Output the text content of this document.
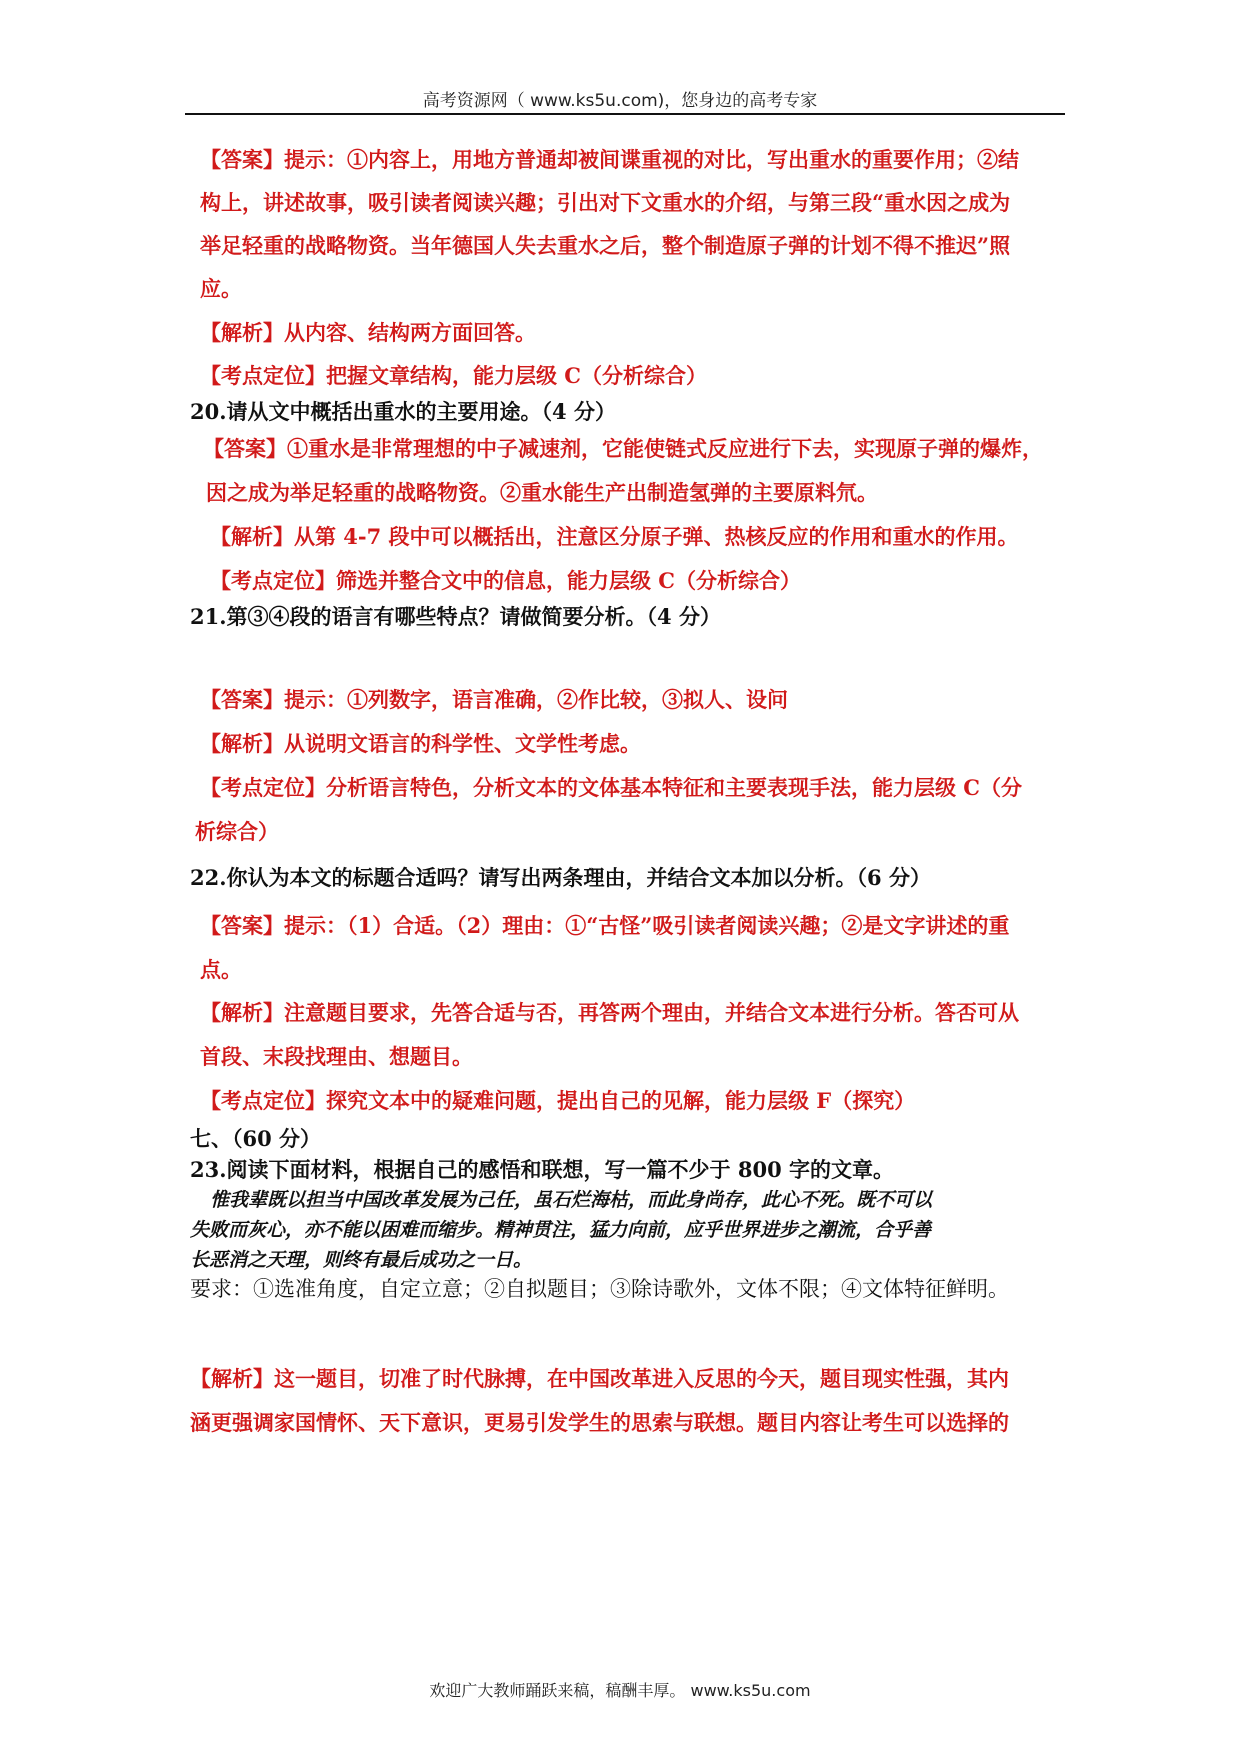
高考资源网（ www.ks5u.com)，您身边的高考专家
【答案】提示：①内容上，用地方普通却被间谍重视的对比，写出重水的重要作用；②结
构上，讲述故事，吸引读者阅读兴趣；引出对下文重水的介绍，与第三段“重水因之成为
举足轻重的战略物资。当年德国人失去重水之后，整个制造原子弹的计划不得不推迟”照
应。
【解析】从内容、结构两方面回答。
【考点定位】把握文章结构，能力层级 C（分析综合）
20.请从文中概括出重水的主要用途。（4 分）
【答案】①重水是非常理想的中子减速剂，它能使链式反应进行下去，实现原子弹的爆炸，
因之成为举足轻重的战略物资。②重水能生产出制造氢弹的主要原料氘。
【解析】从第 4-7 段中可以概括出，注意区分原子弹、热核反应的作用和重水的作用。
【考点定位】筛选并整合文中的信息，能力层级 C（分析综合）
21.第③④段的语言有哪些特点？请做简要分析。（4 分）
【答案】提示：①列数字，语言准确，②作比较，③拟人、设问
【解析】从说明文语言的科学性、文学性考虑。
【考点定位】分析语言特色，分析文本的文体基本特征和主要表现手法，能力层级 C（分
析综合）
22.你认为本文的标题合适吗？请写出两条理由，并结合文本加以分析。（6 分）
【答案】提示：（1）合适。（2）理由：①“古怪”吸引读者阅读兴趣；②是文字讲述的重
点。
【解析】注意题目要求，先答合适与否，再答两个理由，并结合文本进行分析。答否可从
首段、末段找理由、想题目。
【考点定位】探究文本中的疑难问题，提出自己的见解，能力层级 F（探究）
七、（60 分）
23.阅读下面材料，根据自己的感悟和联想，写一篇不少于 800 字的文章。
惟我辈既以担当中国改革发展为己任，虽石烂海枯，而此身尚存，此心不死。既不可以
失败而灰心，亦不能以困难而缩步。精神贯注，猛力向前，应乎世界进步之潮流，合乎善
长恶消之天理，则终有最后成功之一日。
要求：①选准角度，自定立意；②自拟题目；③除诗歌外，文体不限；④文体特征鲜明。
【解析】这一题目，切准了时代脉搏，在中国改革进入反思的今天，题目现实性强，其内
涵更强调家国情怀、天下意识，更易引发学生的思索与联想。题目内容让考生可以选择的
欢迎广大教师踊跃来稿，稿酬丰厚。 www.ks5u.com
